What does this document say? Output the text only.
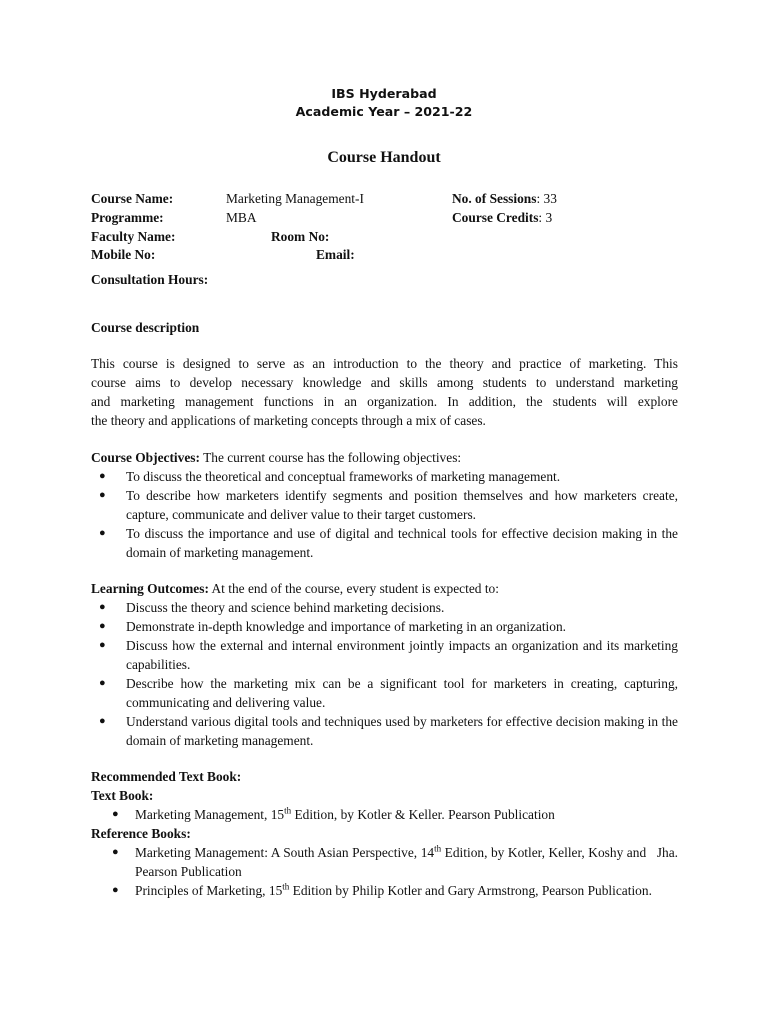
IBS Hyderabad
Academic Year – 2021-22
Course Handout
Course Name:	Marketing Management-I	No. of Sessions: 33
Programme:	MBA	Course Credits: 3
Faculty Name:	Room No:
Mobile No:	Email:
Consultation Hours:
Course description
This course is designed to serve as an introduction to the theory and practice of marketing. This
course aims to develop necessary knowledge and skills among students to understand marketing
and marketing management functions in an organization. In addition, the students will explore
the theory and applications of marketing concepts through a mix of cases.
Course Objectives: The current course has the following objectives:
● To discuss the theoretical and conceptual frameworks of marketing management.
● To describe how marketers identify segments and position themselves and how marketers create, capture, communicate and deliver value to their target customers.
● To discuss the importance and use of digital and technical tools for effective decision making in the domain of marketing management.
Learning Outcomes: At the end of the course, every student is expected to:
● Discuss the theory and science behind marketing decisions.
● Demonstrate in-depth knowledge and importance of marketing in an organization.
● Discuss how the external and internal environment jointly impacts an organization and its marketing capabilities.
● Describe how the marketing mix can be a significant tool for marketers in creating, capturing, communicating and delivering value.
● Understand various digital tools and techniques used by marketers for effective decision making in the domain of marketing management.
Recommended Text Book:
Text Book:
● Marketing Management, 15th Edition, by Kotler & Keller. Pearson Publication
Reference Books:
● Marketing Management: A South Asian Perspective, 14th Edition, by Kotler, Keller, Koshy and   Jha. Pearson Publication
● Principles of Marketing, 15th Edition by Philip Kotler and Gary Armstrong, Pearson Publication.
